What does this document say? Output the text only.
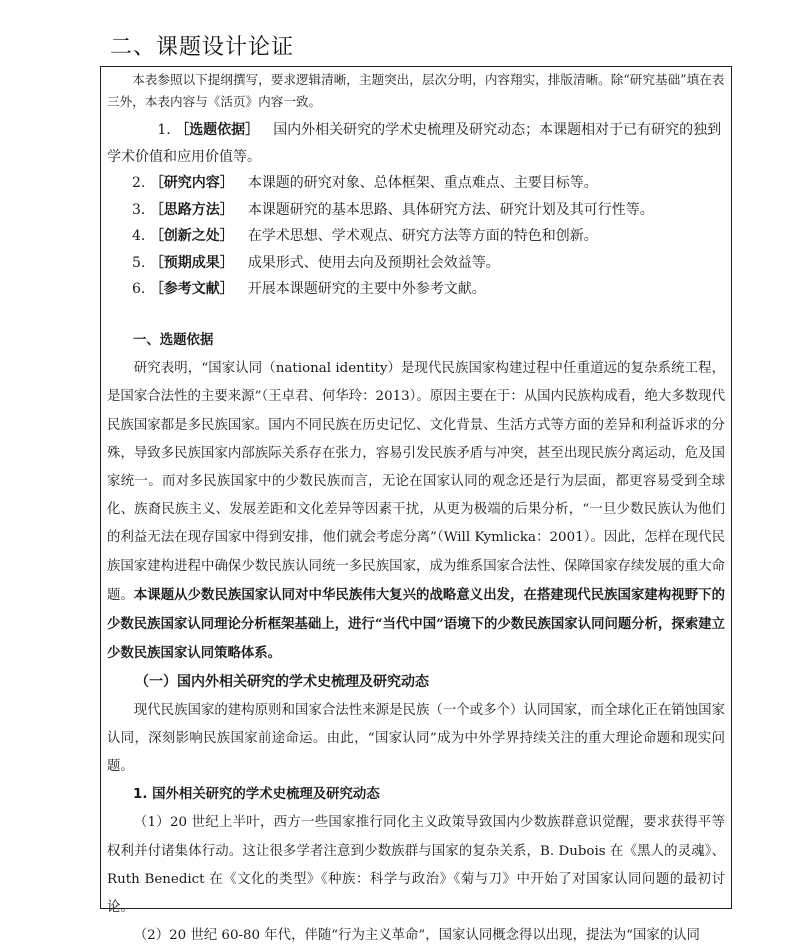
二、课题设计论证

本表参照以下提纲撰写，要求逻辑清晰，主题突出，层次分明，内容翔实，排版清晰。除“研究基础”填在表三外，本表内容与《活页》内容一致。

1. ［选题依据］ 国内外相关研究的学术史梳理及研究动态；本课题相对于已有研究的独到学术价值和应用价值等。
2. ［研究内容］ 本课题的研究对象、总体框架、重点难点、主要目标等。
3. ［思路方法］ 本课题研究的基本思路、具体研究方法、研究计划及其可行性等。
4. ［创新之处］ 在学术思想、学术观点、研究方法等方面的特色和创新。
5. ［预期成果］ 成果形式、使用去向及预期社会效益等。
6. ［参考文献］ 开展本课题研究的主要中外参考文献。
一、选题依据

研究表明，“国家认同（national identity）是现代民族国家构建过程中任重道远的复杂系统工程，是国家合法性的主要来源”（王卓君、何华玲：2013）。原因主要在于：从国内民族构成看，绝大多数现代民族国家都是多民族国家。国内不同民族在历史记忆、文化背景、生活方式等方面的差异和利益诉求的分殊，导致多民族国家内部族际关系存在张力，容易引发民族矛盾与冲突，甚至出现民族分离运动，危及国家统一。而对多民族国家中的少数民族而言，无论在国家认同的观念还是行为层面，都更容易受到全球化、族裔民族主义、发展差距和文化差异等因素干扰，从更为极端的后果分析，“一旦少数民族认为他们的利益无法在现存国家中得到安排，他们就会考虑分离”（Will Kymlicka：2001）。因此，怎样在现代民族国家建构进程中确保少数民族认同统一多民族国家，成为维系国家合法性、保障国家存续发展的重大命题。本课题从少数民族国家认同对中华民族伟大复兴的战略意义出发，在搭建现代民族国家建构视野下的少数民族国家认同理论分析框架基础上，进行“当代中国”语境下的少数民族国家认同问题分析，探索建立少数民族国家认同策略体系。

（一）国内外相关研究的学术史梳理及研究动态

现代民族国家的建构原则和国家合法性来源是民族（一个或多个）认同国家，而全球化正在销蚀国家认同，深刻影响民族国家前途命运。由此，“国家认同”成为中外学界持续关注的重大理论命题和现实问题。

1. 国外相关研究的学术史梳理及研究动态

（1）20 世纪上半叶，西方一些国家推行同化主义政策导致国内少数族群意识觉醒，要求获得平等权利并付诸集体行动。这让很多学者注意到少数族群与国家的复杂关系，B. Dubois 在《黑人的灵魂》、Ruth Benedict 在《文化的类型》《种族：科学与政治》《菊与刀》中开始了对国家认同问题的最初讨论。

（2）20 世纪 60-80 年代，伴随“行为主义革命”，国家认同概念得以出现，提法为“国家的认同
